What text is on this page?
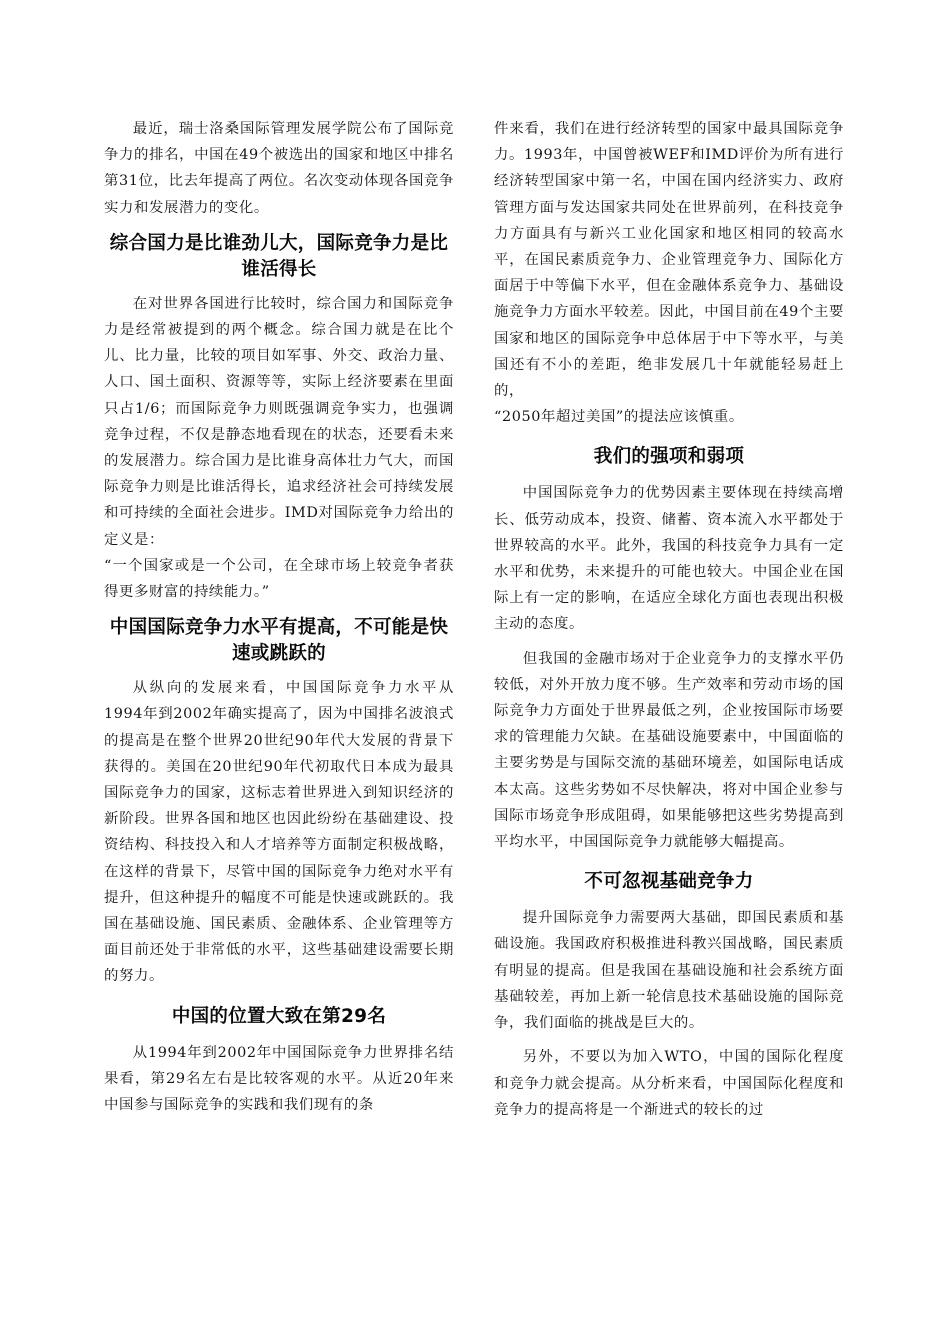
最近，瑞士洛桑国际管理发展学院公布了国际竞争力的排名，中国在49个被选出的国家和地区中排名第31位，比去年提高了两位。名次变动体现各国竞争实力和发展潜力的变化。

综合国力是比谁劲儿大，国际竞争力是比谁活得长

在对世界各国进行比较时，综合国力和国际竞争力是经常被提到的两个概念。综合国力就是在比个儿、比力量，比较的项目如军事、外交、政治力量、人口、国土面积、资源等等，实际上经济要素在里面只占1/6；而国际竞争力则既强调竞争实力，也强调竞争过程，不仅是静态地看现在的状态，还要看未来的发展潜力。综合国力是比谁身高体壮力气大，而国际竞争力则是比谁活得长，追求经济社会可持续发展和可持续的全面社会进步。IMD对国际竞争力给出的定义是：

“一个国家或是一个公司，在全球市场上较竞争者获得更多财富的持续能力。”

中国国际竞争力水平有提高，不可能是快速或跳跃的

从纵向的发展来看，中国国际竞争力水平从1994年到2002年确实提高了，因为中国排名波浪式的提高是在整个世界20世纪90年代大发展的背景下获得的。美国在20世纪90年代初取代日本成为最具国际竞争力的国家，这标志着世界进入到知识经济的新阶段。世界各国和地区也因此纷纷在基础建设、投资结构、科技投入和人才培养等方面制定积极战略，在这样的背景下，尽管中国的国际竞争力绝对水平有提升，但这种提升的幅度不可能是快速或跳跃的。我国在基础设施、国民素质、金融体系、企业管理等方面目前还处于非常低的水平，这些基础建设需要长期的努力。

中国的位置大致在第29名

从1994年到2002年中国国际竞争力世界排名结果看，第29名左右是比较客观的水平。从近20年来中国参与国际竞争的实践和我们现有的条

件来看，我们在进行经济转型的国家中最具国际竞争力。1993年，中国曾被WEF和IMD评价为所有进行经济转型国家中第一名，中国在国内经济实力、政府管理方面与发达国家共同处在世界前列，在科技竞争力方面具有与新兴工业化国家和地区相同的较高水平，在国民素质竞争力、企业管理竞争力、国际化方面居于中等偏下水平，但在金融体系竞争力、基础设施竞争力方面水平较差。因此，中国目前在49个主要国家和地区的国际竞争中总体居于中下等水平，与美国还有不小的差距，绝非发展几十年就能轻易赶上的，

“2050年超过美国”的提法应该慎重。

我们的强项和弱项

中国国际竞争力的优势因素主要体现在持续高增长、低劳动成本，投资、储蓄、资本流入水平都处于世界较高的水平。此外，我国的科技竞争力具有一定水平和优势，未来提升的可能也较大。中国企业在国际上有一定的影响，在适应全球化方面也表现出积极主动的态度。

但我国的金融市场对于企业竞争力的支撑水平仍较低，对外开放力度不够。生产效率和劳动市场的国际竞争力方面处于世界最低之列，企业按国际市场要求的管理能力欠缺。在基础设施要素中，中国面临的主要劣势是与国际交流的基础环境差，如国际电话成本太高。这些劣势如不尽快解决，将对中国企业参与国际市场竞争形成阻碍，如果能够把这些劣势提高到平均水平，中国国际竞争力就能够大幅提高。

不可忽视基础竞争力

提升国际竞争力需要两大基础，即国民素质和基础设施。我国政府积极推进科教兴国战略，国民素质有明显的提高。但是我国在基础设施和社会系统方面基础较差，再加上新一轮信息技术基础设施的国际竞争，我们面临的挑战是巨大的。

另外，不要以为加入WTO，中国的国际化程度和竞争力就会提高。从分析来看，中国国际化程度和竞争力的提高将是一个渐进式的较长的过
